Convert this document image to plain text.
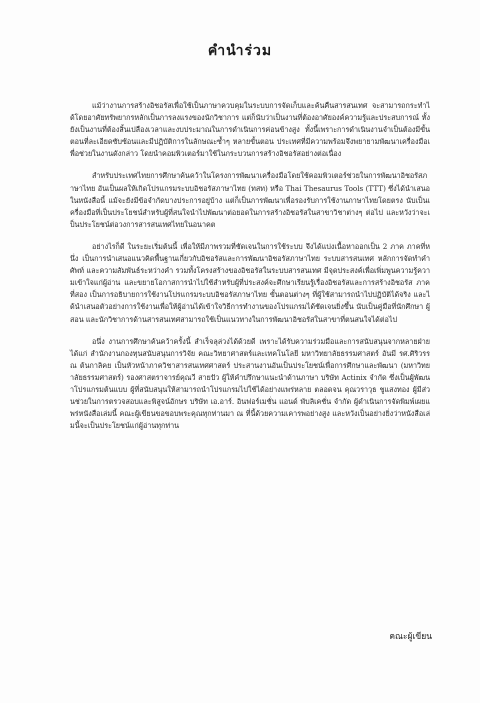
คำนำร่วม

แม้ว่างานการสร้างอิชอรัสเพื่อใช้เป็นภาษาควบคุมในระบบการจัดเก็บและค้นคืนสารสนเทศ จะสามารถกระทำได้โดยอาศัยทรัพยากรหลักเป็นการลงแรงของนักวิชาการ แต่ก็นับว่าเป็นงานที่ต้องอาศัยองค์ความรู้และประสบการณ์ ทั้งยังเป็นงานที่ต้องสิ้นเปลืองเวลาและงบประมาณในการดำเนินการค่อนข้างสูง ทั้งนี้เพราะการดำเนินงานจำเป็นต้องมีขั้นตอนที่ละเอียดซับซ้อนและมีปฏิบัติการในลักษณะซ้ำๆ หลายขั้นตอน ประเทศที่มีความพร้อมจึงพยายามพัฒนาเครื่องมือเพื่อช่วยในงานดังกล่าว โดยนำคอมพิวเตอร์มาใช้ในกระบวนการสร้างอิชอรัสอย่างต่อเนื่อง

สำหรับประเทศไทยการศึกษาค้นคว้าในโครงการพัฒนาเครื่องมือโดยใช้คอมพิวเตอร์ช่วยในการพัฒนาอิชอรัสภาษาไทย อันเป็นผลให้เกิดโปรแกรมระบบอิชอรัสภาษาไทย (ทสท) หรือ Thai Thesaurus Tools (TTT) ซึ่งได้นำเสนอในหนังสือนี้ แม้จะยังมีข้อจำกัดบางประการอยู่บ้าง แต่ก็เป็นการพัฒนาเพื่อรองรับการใช้งานภาษาไทยโดยตรง นับเป็นเครื่องมือที่เป็นประโยชน์สำหรับผู้ที่สนใจนำไปพัฒนาต่อยอดในการสร้างอิชอรัสในสาขาวิชาต่างๆ ต่อไป และหวังว่าจะเป็นประโยชน์ต่อวงการสารสนเทศไทยในอนาคต

อย่างไรก็ดี ในระยะเริ่มต้นนี้ เพื่อให้มีภาพรวมที่ชัดเจนในการใช้ระบบ จึงได้แบ่งเนื้อหาออกเป็น 2 ภาค ภาคที่หนึ่ง เป็นการนำเสนอแนวคิดพื้นฐานเกี่ยวกับอิชอรัสและการพัฒนาอิชอรัสภาษาไทย ระบบสารสนเทศ หลักการจัดทำคำศัพท์ และความสัมพันธ์ระหว่างคำ รวมทั้งโครงสร้างของอิชอรัสในระบบสารสนเทศ มีจุดประสงค์เพื่อเพิ่มพูนความรู้ความเข้าใจแก่ผู้อ่าน และขยายโอกาสการนำไปใช้สำหรับผู้ที่ประสงค์จะศึกษาเรียนรู้เรื่องอิชอรัสและการสร้างอิชอรัส ภาคที่สอง เป็นการอธิบายการใช้งานโปรแกรมระบบอิชอรัสภาษาไทย ขั้นตอนต่างๆ ที่ผู้ใช้สามารถนำไปปฏิบัติได้จริง และได้นำเสนอตัวอย่างการใช้งานเพื่อให้ผู้อ่านได้เข้าใจวิธีการทำงานของโปรแกรมได้ชัดเจนยิ่งขึ้น นับเป็นคู่มือที่นักศึกษา ผู้สอน และนักวิชาการด้านสารสนเทศสามารถใช้เป็นแนวทางในการพัฒนาอิชอรัสในสาขาที่ตนสนใจได้ต่อไป

อนึ่ง งานการศึกษาค้นคว้าครั้งนี้ สำเร็จลุล่วงได้ด้วยดี เพราะได้รับความร่วมมือและการสนับสนุนจากหลายฝ่าย ได้แก่ สำนักงานกองทุนสนับสนุนการวิจัย คณะวิทยาศาสตร์และเทคโนโลยี มหาวิทยาลัยธรรมศาสตร์ อันมี รศ.ศิริวรรณ ต้นกาลิคย เป็นหัวหน้าภาควิชาสารสนเทศศาสตร์ ประสานงานอันเป็นประโยชน์เพื่อการศึกษาและพัฒนา (มหาวิทยาลัยธรรมศาสตร์) รองศาสตราจารย์คุณวี สายปัว ผู้ให้คำปรึกษาแนะนำด้านภาษา บริษัท Actinix จำกัด ซึ่งเป็นผู้พัฒนาโปรแกรมต้นแบบ ผู้ที่สนับสนุนให้สามารถนำโปรแกรมไปใช้ได้อย่างแพร่หลาย ตลอดจน คุณวราวุธ ชูแสงทอง ผู้มีส่วนช่วยในการตรวจสอบและพิสูจน์อักษร บริษัท เอ.อาร์. อินฟอร์เมชั่น แอนด์ พับลิเคชั่น จำกัด ผู้ดำเนินการจัดพิมพ์เผยแพร่หนังสือเล่มนี้ คณะผู้เขียนขอขอบพระคุณทุกท่านมา ณ ที่นี้ด้วยความเคารพอย่างสูง และหวังเป็นอย่างยิ่งว่าหนังสือเล่มนี้จะเป็นประโยชน์แก่ผู้อ่านทุกท่าน

คณะผู้เขียน
